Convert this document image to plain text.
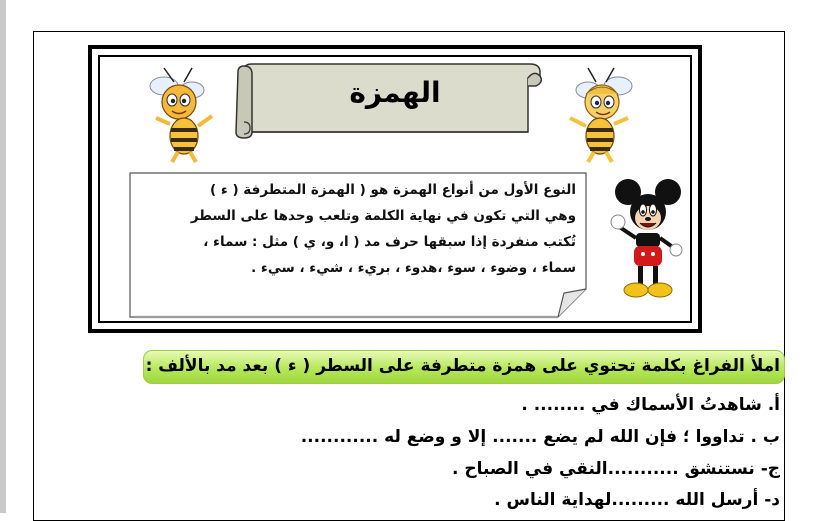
الهمزة
النوع الأول من أنواع الهمزة هو ( الهمزة المتطرفة ( ء )
وهي التي تكون في نهاية الكلمة وتلعب وحدها على السطر
تُكتب منفردة إذا سبقها حرف مد ( ا، و، ي ) مثل : سماء ،
سماء ، وضوء ، سوء ،هدوء ، بريء ، شيء ، سيء .
املأ الفراغ بكلمة تحتوي على همزة متطرفة على السطر ( ء ) بعد مد بالألف :
أ. شاهدتُ الأسماك في ........ .
ب . تداووا ؛ فإن الله لم يضع ....... إلا و وضع له ............
ج- نستنشق ...........النقي في الصباح .
د- أرسل الله .........لهداية الناس .
